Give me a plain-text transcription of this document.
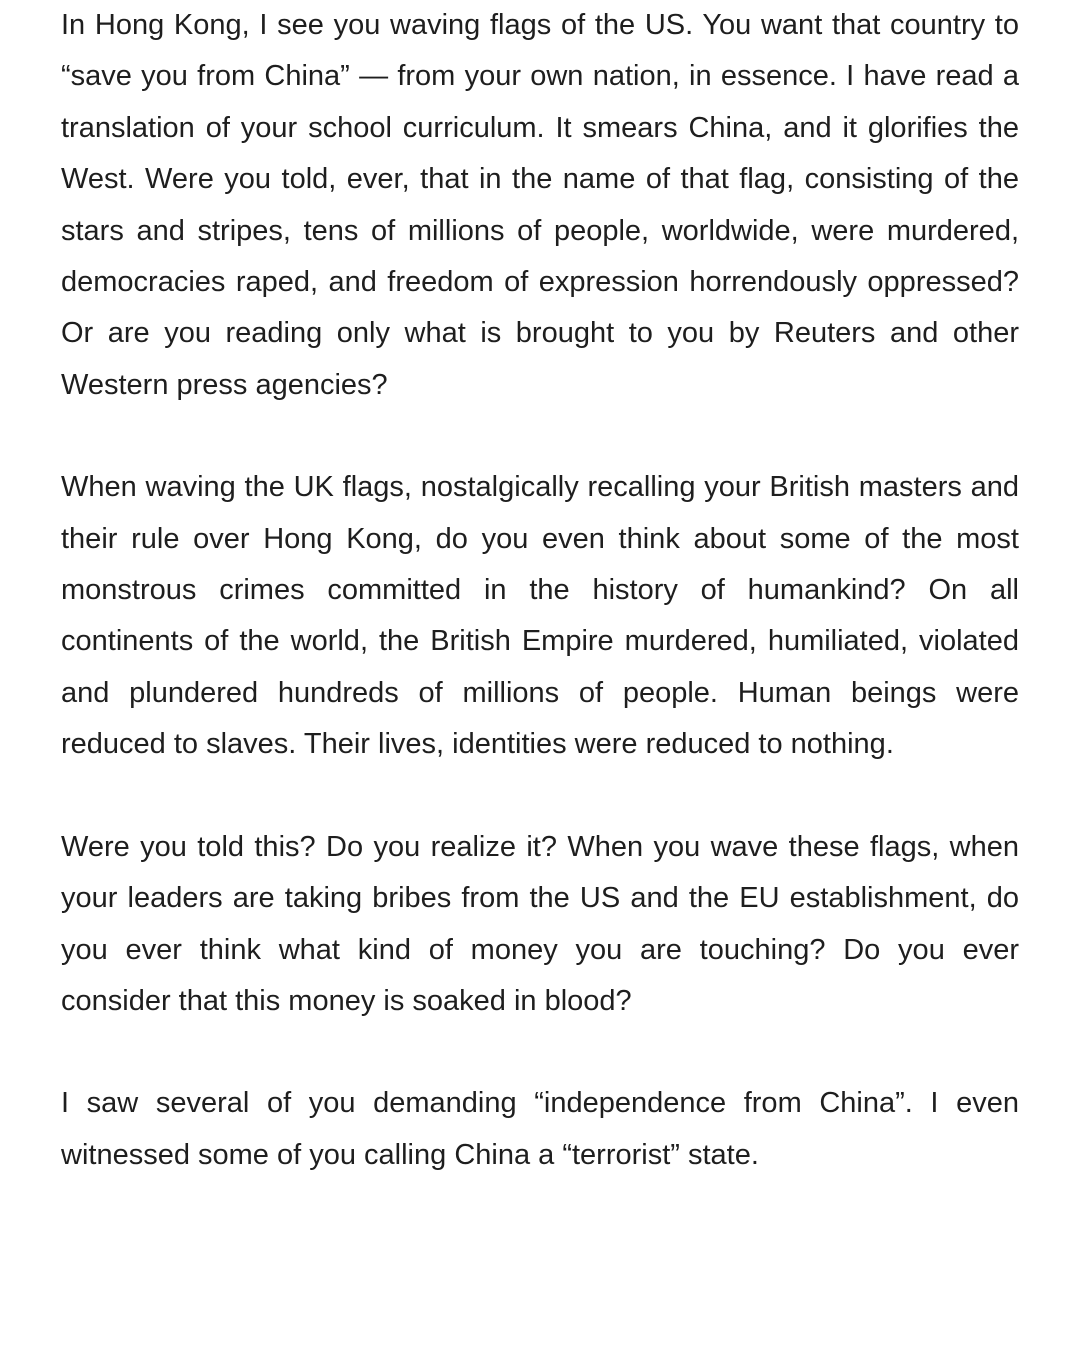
In Hong Kong, I see you waving flags of the US. You want that country to “save you from China” — from your own nation, in essence. I have read a translation of your school curriculum. It smears China, and it glorifies the West. Were you told, ever, that in the name of that flag, consisting of the stars and stripes, tens of millions of people, worldwide, were murdered, democracies raped, and freedom of expression horrendously oppressed? Or are you reading only what is brought to you by Reuters and other Western press agencies?

When waving the UK flags, nostalgically recalling your British masters and their rule over Hong Kong, do you even think about some of the most monstrous crimes committed in the history of humankind? On all continents of the world, the British Empire murdered, humiliated, violated and plundered hundreds of millions of people. Human beings were reduced to slaves. Their lives, identities were reduced to nothing.

Were you told this? Do you realize it? When you wave these flags, when your leaders are taking bribes from the US and the EU establishment, do you ever think what kind of money you are touching? Do you ever consider that this money is soaked in blood?

I saw several of you demanding “independence from China”. I even witnessed some of you calling China a “terrorist” state.
